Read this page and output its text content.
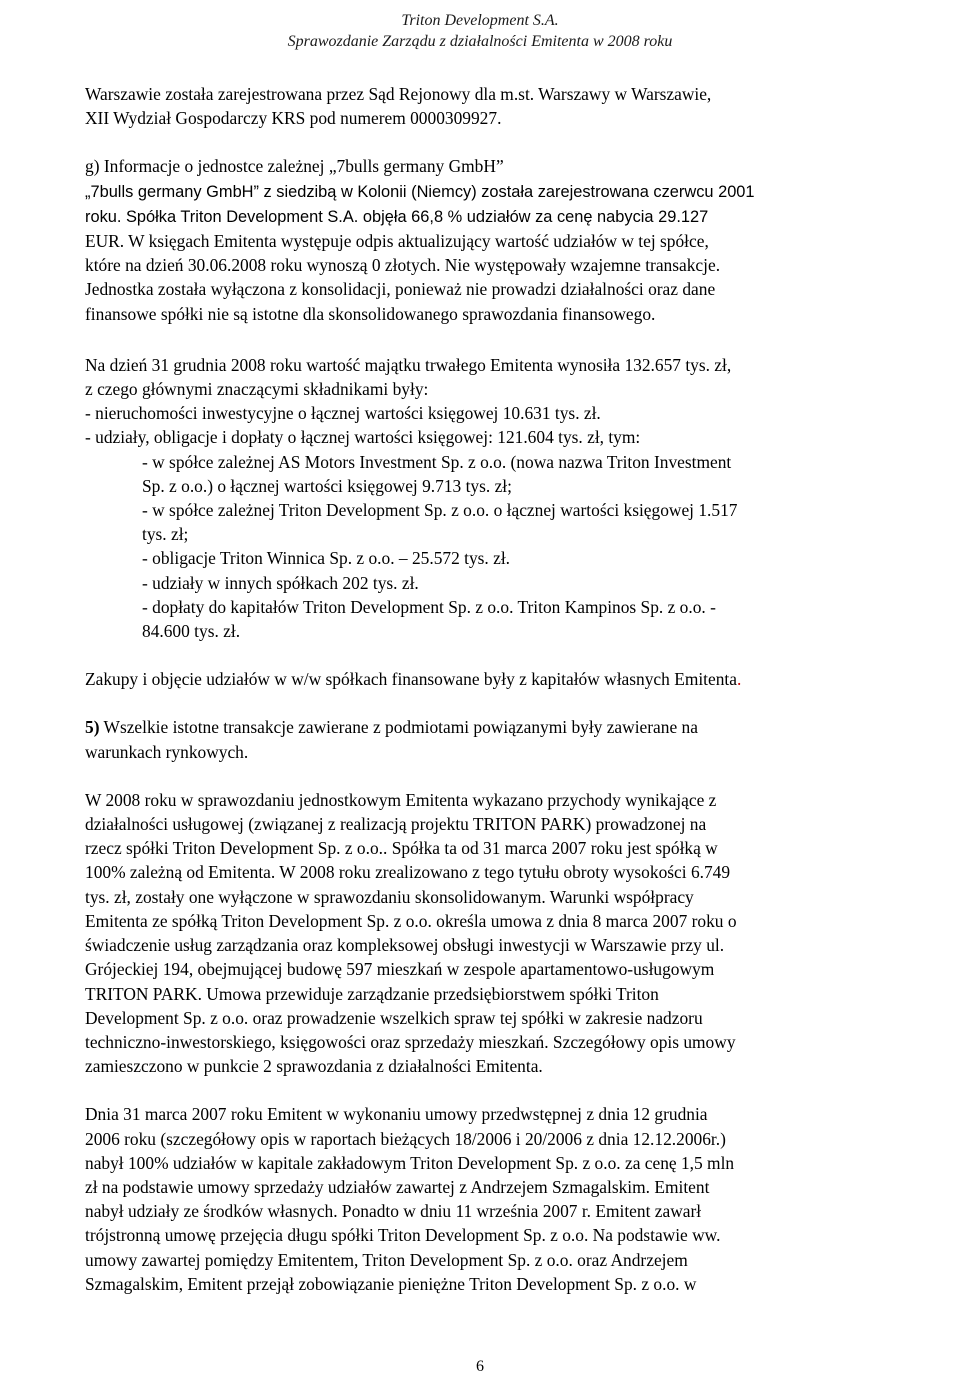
Triton Development S.A.
Sprawozdanie Zarządu z działalności Emitenta w 2008 roku

Warszawie została zarejestrowana przez Sąd Rejonowy dla m.st. Warszawy w Warszawie,
XII Wydział Gospodarczy KRS pod numerem 0000309927.

g) Informacje o jednostce zależnej „7bulls germany GmbH”
„7bulls germany GmbH” z siedzibą w Kolonii (Niemcy) została zarejestrowana czerwcu 2001
roku. Spółka Triton Development S.A. objęła 66,8 % udziałów za cenę nabycia 29.127
EUR. W księgach Emitenta występuje odpis aktualizujący wartość udziałów w tej spółce,
które na dzień 30.06.2008 roku wynoszą 0 złotych. Nie występowały wzajemne transakcje.
Jednostka została wyłączona z konsolidacji, ponieważ nie prowadzi działalności oraz dane
finansowe spółki nie są istotne dla skonsolidowanego sprawozdania finansowego.

Na dzień 31 grudnia 2008 roku wartość majątku trwałego Emitenta wynosiła 132.657 tys. zł,
z czego głównymi znaczącymi składnikami były:
- nieruchomości inwestycyjne o łącznej wartości księgowej 10.631 tys. zł.
- udziały, obligacje i dopłaty o łącznej wartości księgowej: 121.604 tys. zł, tym:
- w spółce zależnej AS Motors Investment Sp. z o.o. (nowa nazwa Triton Investment
Sp. z o.o.) o łącznej wartości księgowej 9.713 tys. zł;
- w spółce zależnej Triton Development Sp. z o.o. o łącznej wartości księgowej 1.517
tys. zł;
- obligacje Triton Winnica Sp. z o.o. – 25.572 tys. zł.
- udziały w innych spółkach 202 tys. zł.
- dopłaty do kapitałów Triton Development Sp. z o.o. Triton Kampinos Sp. z o.o. -
84.600 tys. zł.

Zakupy i objęcie udziałów w w/w spółkach finansowane były z kapitałów własnych Emitenta.

5) Wszelkie istotne transakcje zawierane z podmiotami powiązanymi były zawierane na
warunkach rynkowych.

W 2008 roku w sprawozdaniu jednostkowym Emitenta wykazano przychody wynikające z
działalności usługowej (związanej z realizacją projektu TRITON PARK) prowadzonej na
rzecz spółki Triton Development Sp. z o.o.. Spółka ta od 31 marca 2007 roku jest spółką w
100% zależną od Emitenta. W 2008 roku zrealizowano z tego tytułu obroty wysokości 6.749
tys. zł, zostały one wyłączone w sprawozdaniu skonsolidowanym. Warunki współpracy
Emitenta ze spółką Triton Development Sp. z o.o. określa umowa z dnia 8 marca 2007 roku o
świadczenie usług zarządzania oraz kompleksowej obsługi inwestycji w Warszawie przy ul.
Grójeckiej 194, obejmującej budowę 597 mieszkań w zespole apartamentowo-usługowym
TRITON PARK. Umowa przewiduje zarządzanie przedsiębiorstwem spółki Triton
Development Sp. z o.o. oraz prowadzenie wszelkich spraw tej spółki w zakresie nadzoru
techniczno-inwestorskiego, księgowości oraz sprzedaży mieszkań. Szczegółowy opis umowy
zamieszczono w punkcie 2 sprawozdania z działalności Emitenta.

Dnia 31 marca 2007 roku Emitent w wykonaniu umowy przedwstępnej z dnia 12 grudnia
2006 roku (szczegółowy opis w raportach bieżących 18/2006 i 20/2006 z dnia 12.12.2006r.)
nabył 100% udziałów w kapitale zakładowym Triton Development Sp. z o.o. za cenę 1,5 mln
zł na podstawie umowy sprzedaży udziałów zawartej z Andrzejem Szmagalskim. Emitent
nabył udziały ze środków własnych. Ponadto w dniu 11 września 2007 r. Emitent zawarł
trójstronną umowę przejęcia długu spółki Triton Development Sp. z o.o. Na podstawie ww.
umowy zawartej pomiędzy Emitentem, Triton Development Sp. z o.o. oraz Andrzejem
Szmagalskim, Emitent przejął zobowiązanie pieniężne Triton Development Sp. z o.o. w

6
